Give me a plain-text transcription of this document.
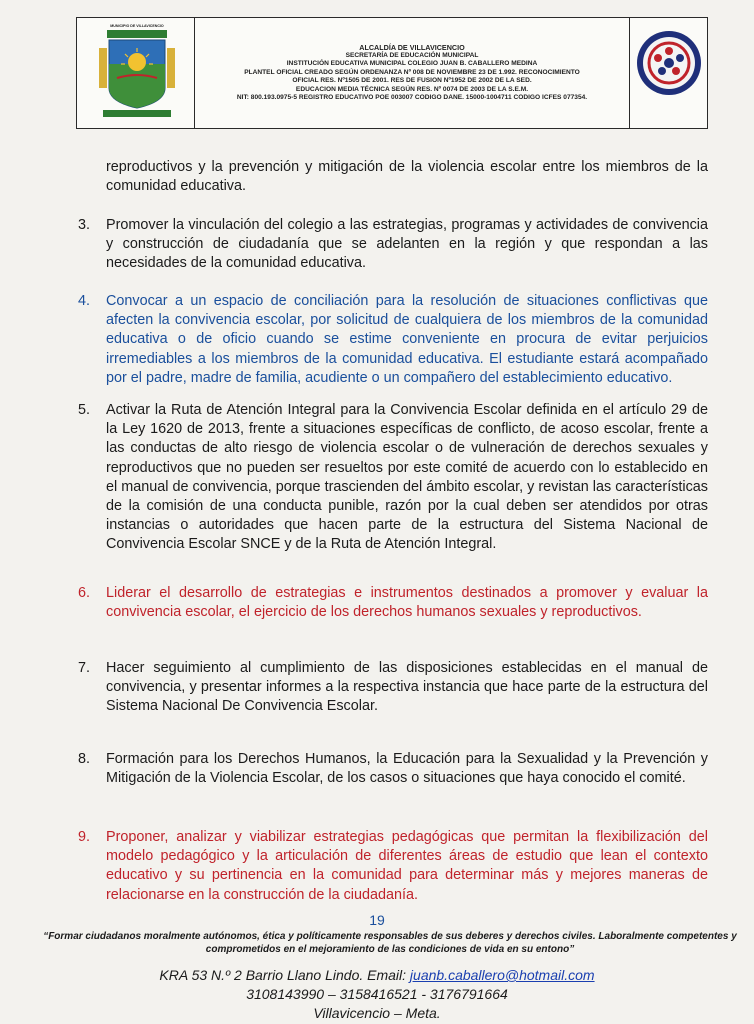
MUNICIPIO DE VILLAVICENCIO
ALCALDÍA DE VILLAVICENCIO
SECRETARÍA DE EDUCACIÓN MUNICIPAL
INSTITUCIÓN EDUCATIVA MUNICIPAL COLEGIO JUAN B. CABALLERO MEDINA
PLANTEL OFICIAL CREADO SEGÚN ORDENANZA Nº 008 DE NOVIEMBRE 23 DE 1.992. RECONOCIMIENTO
OFICIAL RES. Nº1505 DE 2001. RES DE FUSION Nº1952 DE 2002 DE LA SED.
EDUCACION MEDIA TÉCNICA SEGÚN RES. Nº 0074 DE 2003 DE LA S.E.M.
NIT: 800.193.0975-5 REGISTRO EDUCATIVO POE 003007 CODIGO DANE. 15000-1004711 CODIGO ICFES 077354.
reproductivos y la prevención y mitigación de la violencia escolar entre los miembros de la comunidad educativa.
3. Promover la vinculación del colegio a las estrategias, programas y actividades de convivencia y construcción de ciudadanía que se adelanten en la región y que respondan a las necesidades de la comunidad educativa.
4. Convocar a un espacio de conciliación para la resolución de situaciones conflictivas que afecten la convivencia escolar, por solicitud de cualquiera de los miembros de la comunidad educativa o de oficio cuando se estime conveniente en procura de evitar perjuicios irremediables a los miembros de la comunidad educativa. El estudiante estará acompañado por el padre, madre de familia, acudiente o un compañero del establecimiento educativo.
5. Activar la Ruta de Atención Integral para la Convivencia Escolar definida en el artículo 29 de la Ley 1620 de 2013, frente a situaciones específicas de conflicto, de acoso escolar, frente a las conductas de alto riesgo de violencia escolar o de vulneración de derechos sexuales y reproductivos que no pueden ser resueltos por este comité de acuerdo con lo establecido en el manual de convivencia, porque trascienden del ámbito escolar, y revistan las características de la comisión de una conducta punible, razón por la cual deben ser atendidos por otras instancias o autoridades que hacen parte de la estructura del Sistema Nacional de Convivencia Escolar SNCE y de la Ruta de Atención Integral.
6. Liderar el desarrollo de estrategias e instrumentos destinados a promover y evaluar la convivencia escolar, el ejercicio de los derechos humanos sexuales y reproductivos.
7. Hacer seguimiento al cumplimiento de las disposiciones establecidas en el manual de convivencia, y presentar informes a la respectiva instancia que hace parte de la estructura del Sistema Nacional De Convivencia Escolar.
8. Formación para los Derechos Humanos, la Educación para la Sexualidad y la Prevención y Mitigación de la Violencia Escolar, de los casos o situaciones que haya conocido el comité.
9. Proponer, analizar y viabilizar estrategias pedagógicas que permitan la flexibilización del modelo pedagógico y la articulación de diferentes áreas de estudio que lean el contexto educativo y su pertinencia en la comunidad para determinar más y mejores maneras de relacionarse en la construcción de la ciudadanía.
19
“Formar ciudadanos moralmente autónomos, ética y políticamente responsables de sus deberes y derechos civiles. Laboralmente competentes y comprometidos en el mejoramiento de las condiciones de vida en su entono”
KRA 53 N.º 2 Barrio Llano Lindo. Email: juanb.caballero@hotmail.com
3108143990 – 3158416521 - 3176791664
Villavicencio – Meta.
